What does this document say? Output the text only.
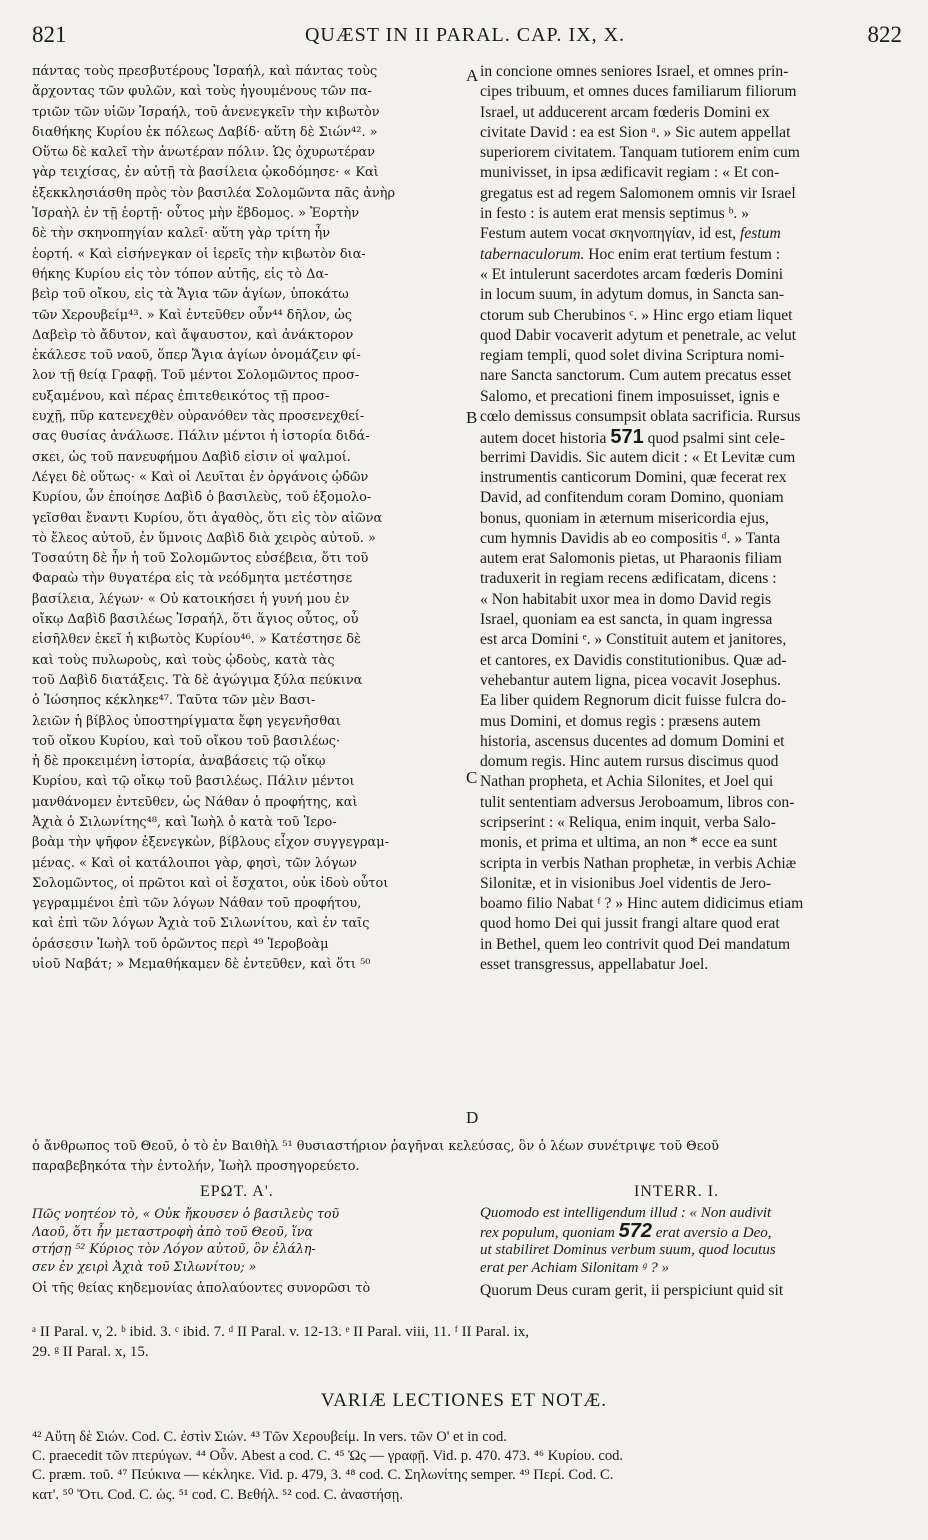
821	QUÆST IN II PARAL. CAP. IX, X.	822
πάντας τοὺς πρεσβυτέρους Ἰσραήλ, καὶ πάντας τοὺς
ἄρχοντας τῶν φυλῶν, καὶ τοὺς ἡγουμένους τῶν πα-
τριῶν τῶν υἱῶν Ἰσραήλ, τοῦ ἀνενεγκεῖν τὴν κιβωτὸν
διαθήκης Κυρίου ἐκ πόλεως Δαβίδ· αὕτη δὲ Σιών⁴². »
Οὕτω δὲ καλεῖ τὴν ἀνωτέραν πόλιν. Ὡς ὀχυρωτέραν
γὰρ τειχίσας, ἐν αὐτῇ τὰ βασίλεια ᾠκοδόμησε· « Καὶ
ἐξεκκλησιάσθη πρὸς τὸν βασιλέα Σολομῶντα πᾶς ἀνὴρ
Ἰσραὴλ ἐν τῇ ἑορτῇ· οὗτος μὴν ἕβδομος. » Ἑορτὴν
δὲ τὴν σκηνοπηγίαν καλεῖ· αὕτη γὰρ τρίτη ἦν
ἑορτή. « Καὶ εἰσήνεγκαν οἱ ἱερεῖς τὴν κιβωτὸν δια-
θήκης Κυρίου εἰς τὸν τόπον αὐτῆς, εἰς τὸ Δα-
βεὶρ τοῦ οἴκου, εἰς τὰ Ἅγια τῶν ἁγίων, ὑποκάτω
τῶν Χερουβείμ⁴³. » Καὶ ἐντεῦθεν οὖν⁴⁴ δῆλον, ὡς
Δαβεὶρ τὸ ἄδυτον, καὶ ἄψαυστον, καὶ ἀνάκτορον
ἐκάλεσε τοῦ ναοῦ, ὅπερ Ἅγια ἁγίων ὀνομάζειν φί-
λον τῇ θείᾳ Γραφῇ. Τοῦ μέντοι Σολομῶντος προσ-
ευξαμένου, καὶ πέρας ἐπιτεθεικότος τῇ προσ-
ευχῇ, πῦρ κατενεχθὲν οὐρανόθεν τὰς προσενεχθεί-
σας θυσίας ἀνάλωσε. Πάλιν μέντοι ἡ ἱστορία διδά-
σκει, ὡς τοῦ πανευφήμου Δαβὶδ εἰσιν οἱ ψαλμοί.
Λέγει δὲ οὕτως· « Καὶ οἱ Λευῖται ἐν ὀργάνοις ᾠδῶν
Κυρίου, ὧν ἐποίησε Δαβὶδ ὁ βασιλεὺς, τοῦ ἐξομολο-
γεῖσθαι ἔναντι Κυρίου, ὅτι ἀγαθὸς, ὅτι εἰς τὸν αἰῶνα
τὸ ἔλεος αὐτοῦ, ἐν ὕμνοις Δαβὶδ διὰ χειρὸς αὐτοῦ. »
Τοσαύτη δὲ ἦν ἡ τοῦ Σολομῶντος εὐσέβεια, ὅτι τοῦ
Φαραὼ τὴν θυγατέρα εἰς τὰ νεόδμητα μετέστησε
βασίλεια, λέγων· « Οὐ κατοικήσει ἡ γυνή μου ἐν
οἴκῳ Δαβὶδ βασιλέως Ἰσραήλ, ὅτι ἅγιος οὗτος, οὗ
εἰσῆλθεν ἐκεῖ ἡ κιβωτὸς Κυρίου⁴⁶. » Κατέστησε δὲ
καὶ τοὺς πυλωροὺς, καὶ τοὺς ᾠδοὺς, κατὰ τὰς
τοῦ Δαβὶδ διατάξεις. Τὰ δὲ ἀγώγιμα ξύλα πεύκινα
ὁ Ἰώσηπος κέκληκε⁴⁷. Ταῦτα τῶν μὲν Βασι-
λειῶν ἡ βίβλος ὑποστηρίγματα ἔφη γεγενῆσθαι
τοῦ οἴκου Κυρίου, καὶ τοῦ οἴκου τοῦ βασιλέως·
ἡ δὲ προκειμένη ἱστορία, ἀναβάσεις τῷ οἴκῳ
Κυρίου, καὶ τῷ οἴκῳ τοῦ βασιλέως. Πάλιν μέντοι
μανθάνομεν ἐντεῦθεν, ὡς Νάθαν ὁ προφήτης, καὶ
Ἀχιὰ ὁ Σιλωνίτης⁴⁸, καὶ Ἰωὴλ ὁ κατὰ τοῦ Ἱερο-
βοὰμ τὴν ψῆφον ἐξενεγκὼν, βίβλους εἶχον συγγεγραμ-
μένας. « Καὶ οἱ κατάλοιποι γὰρ, φησὶ, τῶν λόγων
Σολομῶντος, οἱ πρῶτοι καὶ οἱ ἔσχατοι, οὐκ ἰδοὺ οὗτοι
γεγραμμένοι ἐπὶ τῶν λόγων Νάθαν τοῦ προφήτου,
καὶ ἐπὶ τῶν λόγων Ἀχιὰ τοῦ Σιλωνίτου, καὶ ἐν ταῖς
ὁράσεσιν Ἰωὴλ τοῦ ὁρῶντος περὶ ⁴⁹ Ἱεροβοὰμ
υἱοῦ Ναβάτ; » Μεμαθήκαμεν δὲ ἐντεῦθεν, καὶ ὅτι ⁵⁰
in concione omnes seniores Israel, et omnes prin-
cipes tribuum, et omnes duces familiarum filiorum
Israel, ut adducerent arcam fœderis Domini ex
civitate David : ea est Sion ᵃ. » Sic autem appellat
superiorem civitatem. Tanquam tutiorem enim cum
munivisset, in ipsa ædificavit regiam : « Et con-
gregatus est ad regem Salomonem omnis vir Israel
in festo : is autem erat mensis septimus ᵇ. »
Festum autem vocat σκηνοπηγίαν, id est, festum
tabernaculorum. Hoc enim erat tertium festum :
« Et intulerunt sacerdotes arcam fœderis Domini
in locum suum, in adytum domus, in Sancta san-
ctorum sub Cherubinos ᶜ. » Hinc ergo etiam liquet
quod Dabir vocaverit adytum et penetrale, ac velut
regiam templi, quod solet divina Scriptura nomi-
nare Sancta sanctorum. Cum autem precatus esset
Salomo, et precationi finem imposuisset, ignis e
cœlo demissus consumpsit oblata sacrificia. Rursus
autem docet historia 571 quod psalmi sint cele-
berrimi Davidis. Sic autem dicit : « Et Levitæ cum
instrumentis canticorum Domini, quæ fecerat rex
David, ad confitendum coram Domino, quoniam
bonus, quoniam in æternum misericordia ejus,
cum hymnis Davidis ab eo compositis ᵈ. » Tanta
autem erat Salomonis pietas, ut Pharaonis filiam
traduxerit in regiam recens ædificatam, dicens :
« Non habitabit uxor mea in domo David regis
Israel, quoniam ea est sancta, in quam ingressa
est arca Domini ᵉ. » Constituit autem et janitores,
et cantores, ex Davidis constitutionibus. Quæ ad-
vehebantur autem ligna, picea vocavit Josephus.
Ea liber quidem Regnorum dicit fuisse fulcra do-
mus Domini, et domus regis : præsens autem
historia, ascensus ducentes ad domum Domini et
domum regis. Hinc autem rursus discimus quod
Nathan propheta, et Achia Silonites, et Joel qui
tulit sententiam adversus Jeroboamum, libros con-
scripserint : « Reliqua, enim inquit, verba Salo-
monis, et prima et ultima, an non * ecce ea sunt
scripta in verbis Nathan prophetæ, in verbis Achiæ
Silonitæ, et in visionibus Joel videntis de Jero-
boamo filio Nabat ᶠ ? » Hinc autem didicimus etiam
quod homo Dei qui jussit frangi altare quod erat
in Bethel, quem leo contrivit quod Dei mandatum
esset transgressus, appellabatur Joel.
A
B
C
D
ὁ ἄνθρωπος τοῦ Θεοῦ, ὁ τὸ ἐν Βαιθὴλ ⁵¹ θυσιαστήριον ῥαγῆναι κελεύσας, ὃν ὁ λέων συνέτριψε τοῦ Θεοῦ
παραβεβηκότα τὴν ἐντολήν, Ἰωὴλ προσηγορεύετο.
ΕΡΩΤ. Α'.	INTERR. I.
Πῶς νοητέον τὸ, « Οὐκ ἤκουσεν ὁ βασιλεὺς τοῦ
Λαοῦ, ὅτι ἦν μεταστροφὴ ἀπὸ τοῦ Θεοῦ, ἵνα
στήσῃ ⁵² Κύριος τὸν Λόγον αὐτοῦ, ὃν ἐλάλη-
σεν ἐν χειρὶ Ἀχιὰ τοῦ Σιλωνίτου; »
Οἱ τῆς θείας κηδεμονίας ἀπολαύοντες συνορῶσι τὸ
Quomodo est intelligendum illud : « Non audivit
rex populum, quoniam 572 erat aversio a Deo,
ut stabiliret Dominus verbum suum, quod locutus
erat per Achiam Silonitam ᵍ ? »
Quorum Deus curam gerit, ii perspiciunt quid sit
ᵃ II Paral. v, 2. ᵇ ibid. 3. ᶜ ibid. 7. ᵈ II Paral. v. 12-13. ᵉ II Paral. viii, 11. ᶠ II Paral. ix,
29. ᵍ II Paral. x, 15.
VARIÆ LECTIONES ET NOTÆ.
⁴² Αὕτη δὲ Σιών. Cod. C. ἐστὶν Σιών. ⁴³ Τῶν Χερουβείμ. In vers. τῶν Ο' et in cod.
C. praecedit τῶν πτερύγων. ⁴⁴ Οὖν. Abest a cod. C. ⁴⁵ Ὡς — γραφῇ. Vid. p. 470. 473. ⁴⁶ Κυρίου. cod.
C. præm. τοῦ. ⁴⁷ Πεύκινα — κέκληκε. Vid. p. 479, 3. ⁴⁸ cod. C. Σηλωνίτης semper. ⁴⁹ Περί. Cod. C.
κατ'. ⁵⁰ Ὅτι. Cod. C. ὡς. ⁵¹ cod. C. Βεθήλ. ⁵² cod. C. ἀναστήσῃ.
